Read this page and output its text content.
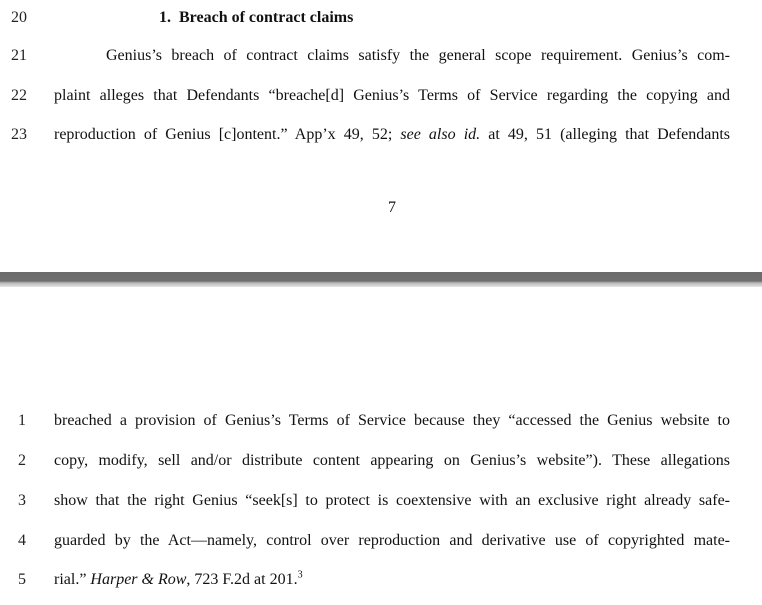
20	1. Breach of contract claims
21	Genius’s breach of contract claims satisfy the general scope requirement. Genius’s com-
22	plaint alleges that Defendants “breache[d] Genius’s Terms of Service regarding the copying and
23	reproduction of Genius [c]ontent.” App’x 49, 52; see also id. at 49, 51 (alleging that Defendants
7
1	breached a provision of Genius’s Terms of Service because they “accessed the Genius website to
2	copy, modify, sell and/or distribute content appearing on Genius’s website”). These allegations
3	show that the right Genius “seek[s] to protect is coextensive with an exclusive right already safe-
4	guarded by the Act—namely, control over reproduction and derivative use of copyrighted mate-
5	rial.” Harper & Row, 723 F.2d at 201.$^3$
